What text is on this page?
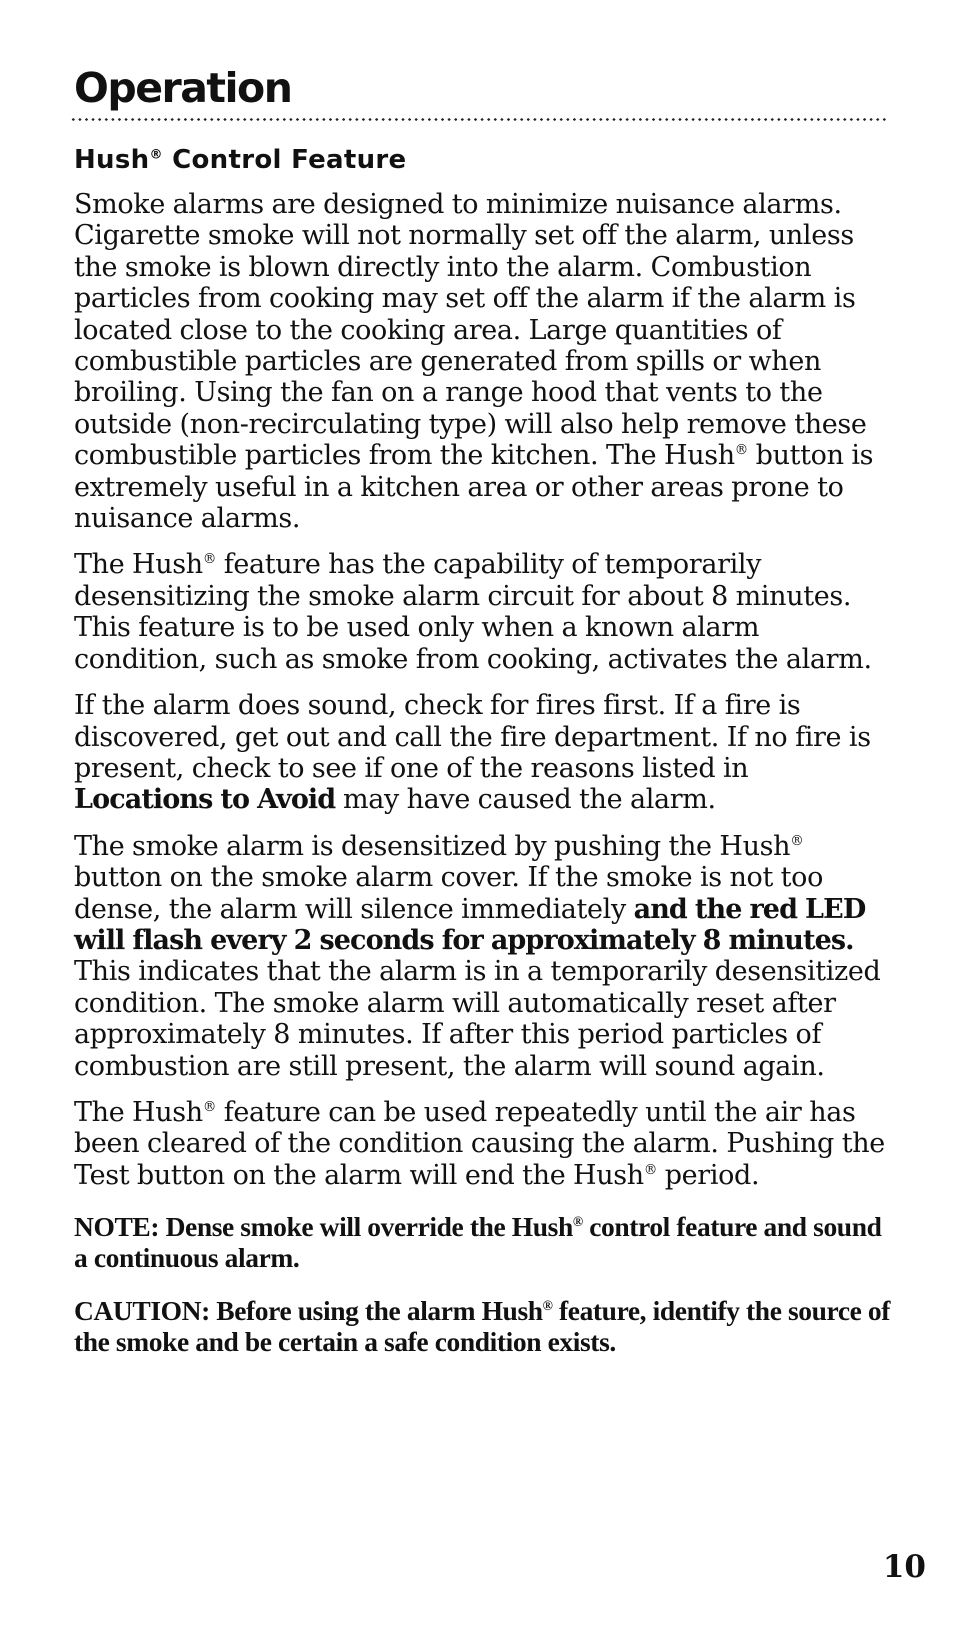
Operation
Hush® Control Feature

Smoke alarms are designed to minimize nuisance alarms. Cigarette smoke will not normally set off the alarm, unless the smoke is blown directly into the alarm. Combustion particles from cooking may set off the alarm if the alarm is located close to the cooking area. Large quantities of combustible particles are generated from spills or when broiling. Using the fan on a range hood that vents to the outside (non-recirculating type) will also help remove these combustible particles from the kitchen. The Hush® button is extremely useful in a kitchen area or other areas prone to nuisance alarms.

The Hush® feature has the capability of temporarily desensitizing the smoke alarm circuit for about 8 minutes. This feature is to be used only when a known alarm condition, such as smoke from cooking, activates the alarm.

If the alarm does sound, check for fires first. If a fire is discovered, get out and call the fire department. If no fire is present, check to see if one of the reasons listed in Locations to Avoid may have caused the alarm.

The smoke alarm is desensitized by pushing the Hush® button on the smoke alarm cover. If the smoke is not too dense, the alarm will silence immediately and the red LED will flash every 2 seconds for approximately 8 minutes. This indicates that the alarm is in a temporarily desensitized condition. The smoke alarm will automatically reset after approximately 8 minutes. If after this period particles of combustion are still present, the alarm will sound again.

The Hush® feature can be used repeatedly until the air has been cleared of the condition causing the alarm. Pushing the Test button on the alarm will end the Hush® period.

NOTE: Dense smoke will override the Hush® control feature and sound a continuous alarm.

CAUTION: Before using the alarm Hush® feature, identify the source of the smoke and be certain a safe condition exists.

10
